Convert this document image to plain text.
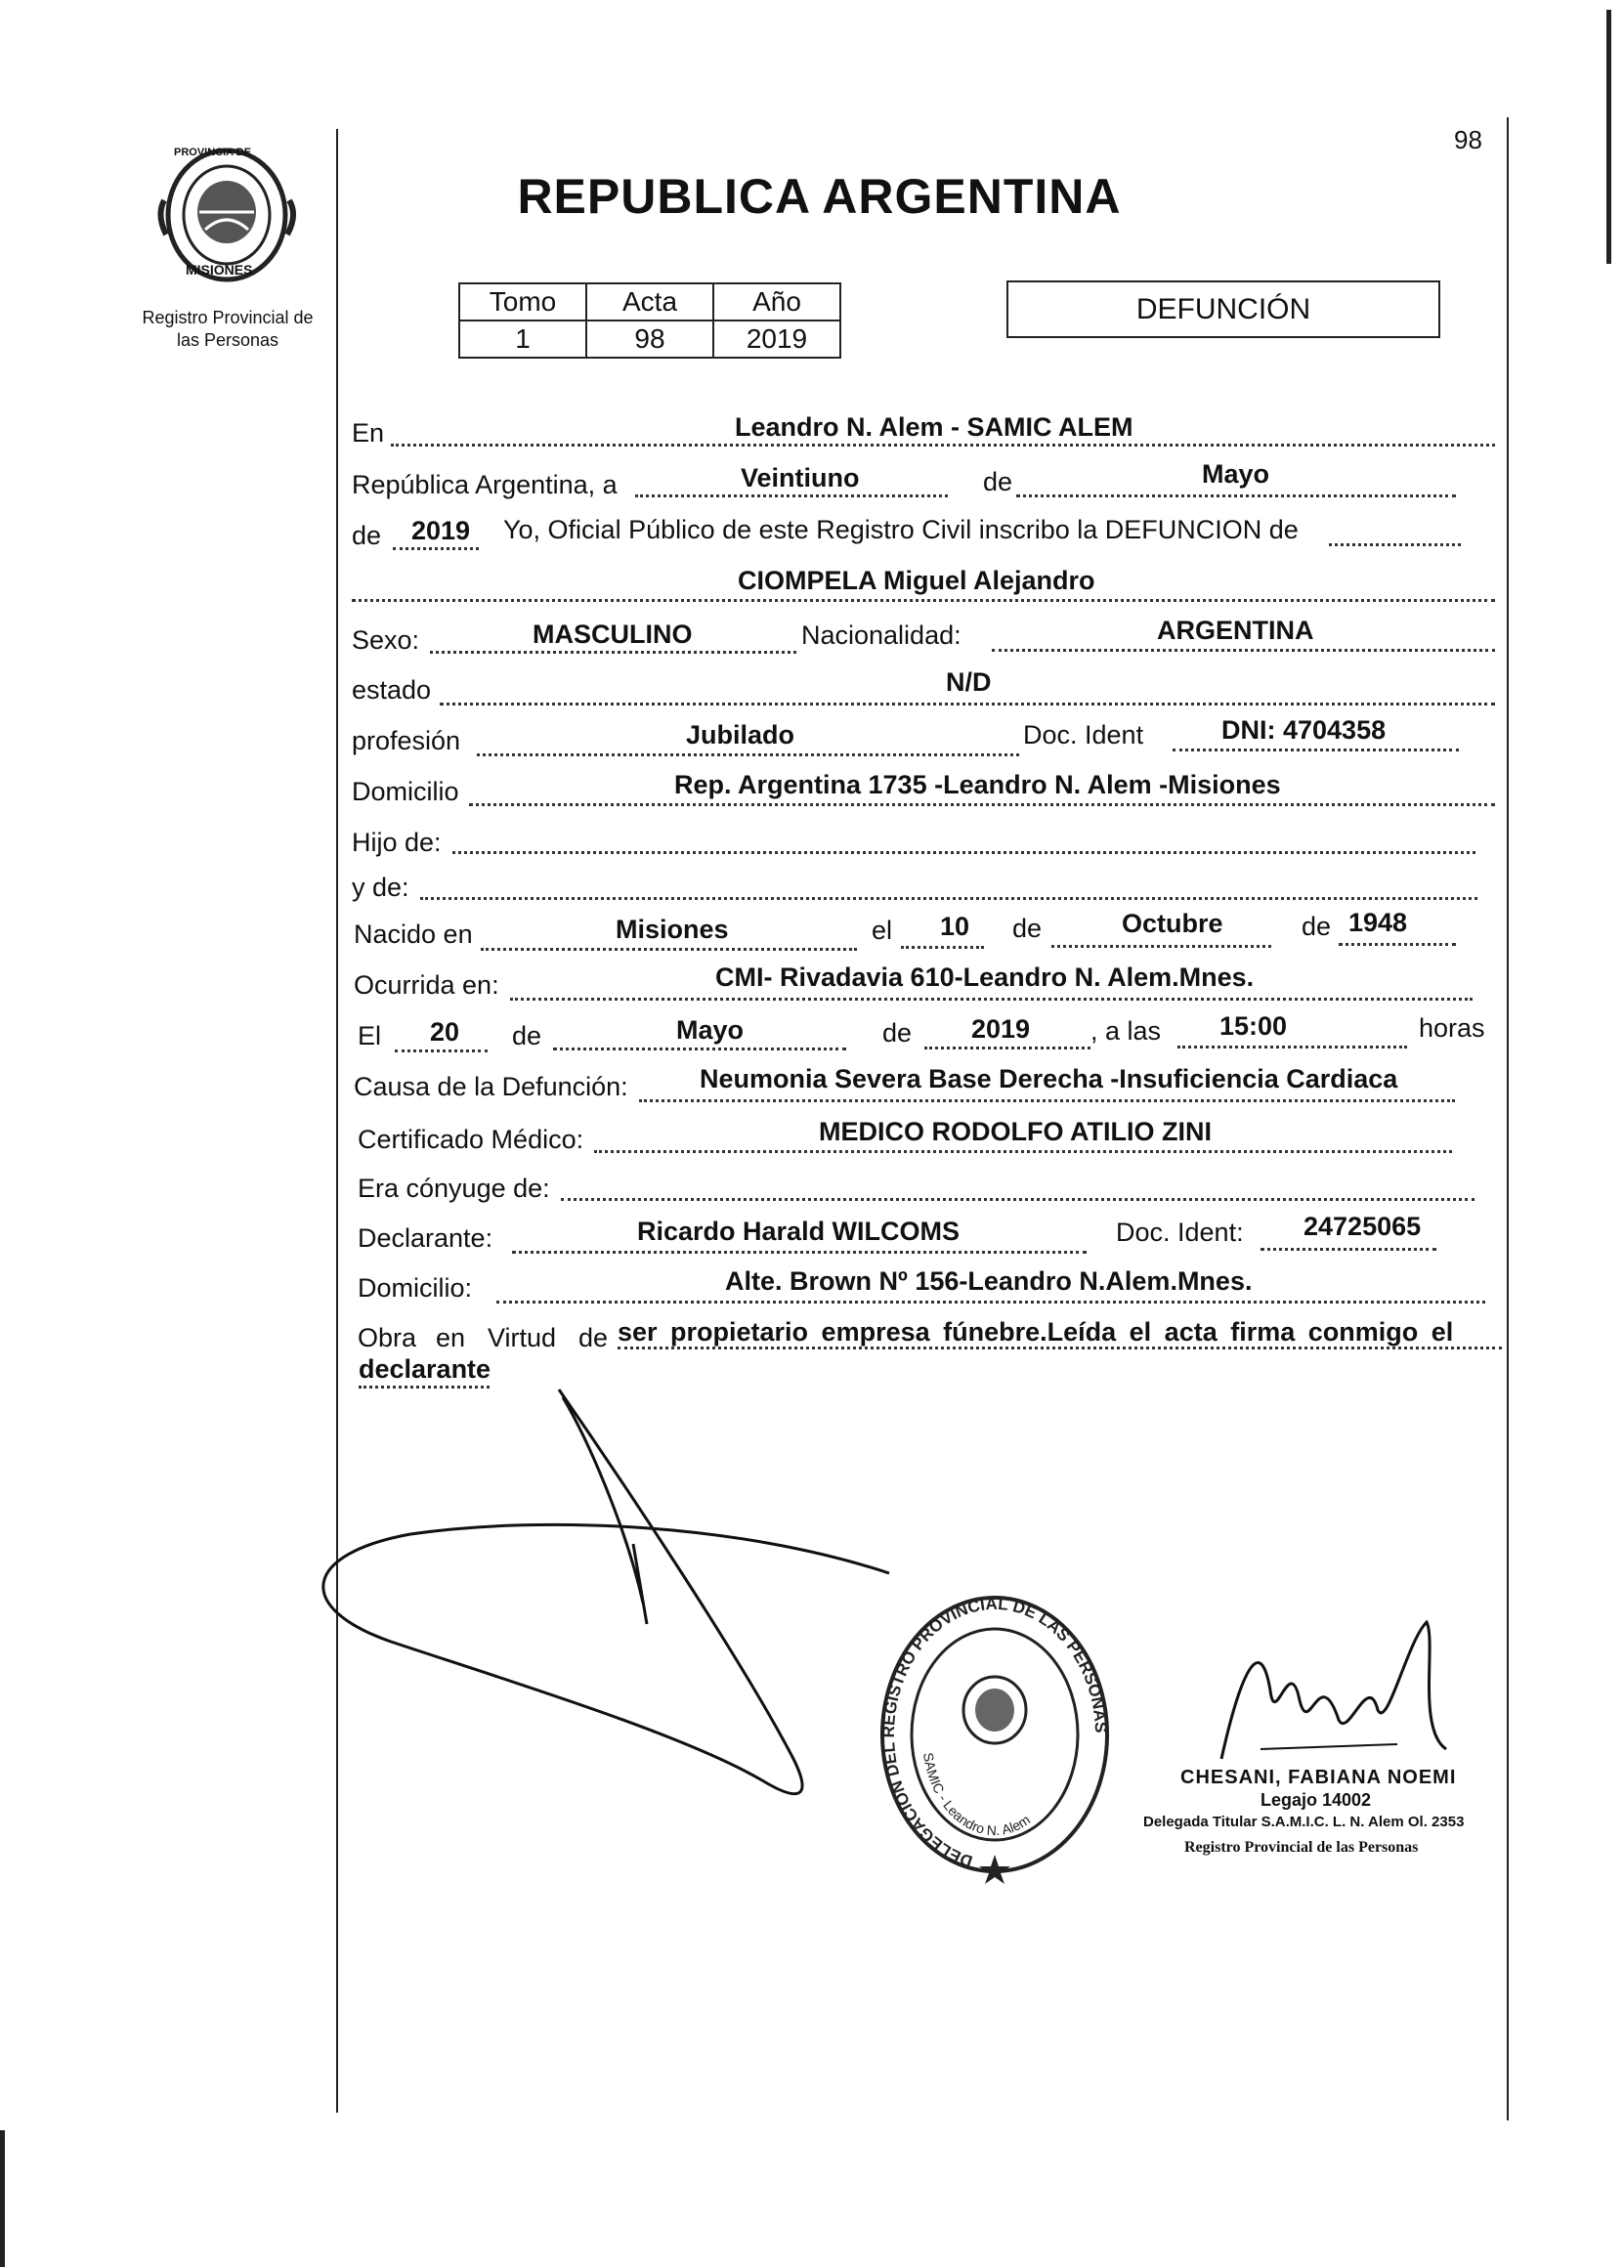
98
PROVINCIA DE
MISIONES
Registro Provincial de
las Personas
REPUBLICA ARGENTINA
Tomo	Acta	Año
1	98	2019
DEFUNCIÓN
En	Leandro N. Alem - SAMIC ALEM
República Argentina, a	Veintiuno	de	Mayo
de 2019 Yo, Oficial Público de este Registro Civil inscribo la DEFUNCION de
CIOMPELA Miguel Alejandro
Sexo:	MASCULINO	Nacionalidad:	ARGENTINA
estado	N/D
profesión	Jubilado	Doc. Ident	DNI: 4704358
Domicilio	Rep. Argentina 1735 -Leandro N. Alem -Misiones
Hijo de:
y de:
Nacido en	Misiones	el 10 de	Octubre	de 1948
Ocurrida en:	CMI- Rivadavia 610-Leandro N. Alem.Mnes.
El 20 de	Mayo	de 2019 , a las 15:00	horas
Causa de la Defunción:	Neumonia Severa Base Derecha -Insuficiencia Cardiaca
Certificado Médico:	MEDICO RODOLFO ATILIO ZINI
Era cónyuge de:
Declarante:	Ricardo Harald WILCOMS	Doc. Ident: 24725065
Domicilio:	Alte. Brown Nº 156-Leandro N.Alem.Mnes.
Obra en Virtud de ser propietario empresa fúnebre.Leída el acta firma conmigo el
declarante
DELEGACION DEL REGISTRO PROVINCIAL DE LAS PERSONAS
SAMIC - Leandro N. Alem
CHESANI, FABIANA NOEMI
Legajo 14002
Delegada Titular S.A.M.I.C. L. N. Alem Ol. 2353
Registro Provincial de las Personas
